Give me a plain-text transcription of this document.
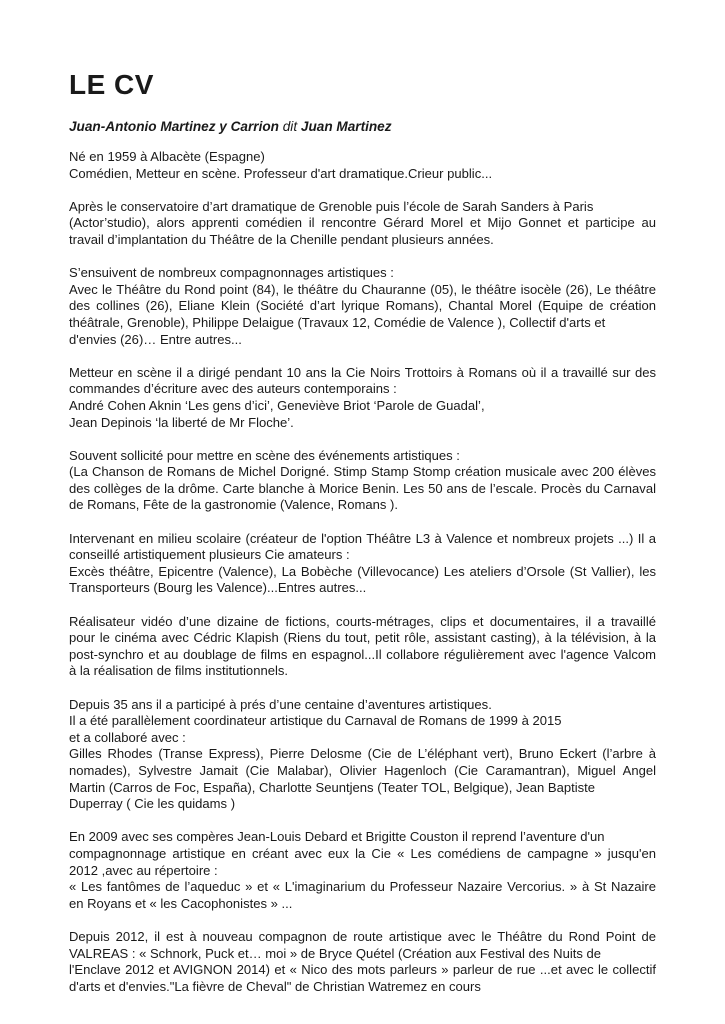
LE CV

Juan-Antonio Martinez y Carrion dit Juan Martinez

Né en 1959 à Albacète (Espagne)
Comédien, Metteur en scène. Professeur d'art dramatique.Crieur public...

Après le conservatoire d’art dramatique de Grenoble puis l’école de Sarah Sanders à Paris
(Actor’studio), alors apprenti comédien il rencontre Gérard Morel et Mijo Gonnet et participe au
travail d’implantation du Théâtre de la Chenille pendant plusieurs années.

S’ensuivent de nombreux compagnonnages artistiques :
Avec le Théâtre du Rond point (84), le théâtre du Chauranne (05), le théâtre isocèle (26), Le théâtre
des collines (26), Eliane Klein (Société d’art lyrique Romans), Chantal Morel (Equipe de création
théâtrale, Grenoble), Philippe Delaigue (Travaux 12, Comédie de Valence ), Collectif d'arts et
d'envies (26)… Entre autres...

Metteur en scène il a dirigé pendant 10 ans la Cie Noirs Trottoirs à Romans où il a travaillé sur des
commandes d’écriture avec des auteurs contemporains :
André Cohen Aknin ‘Les gens d’ici’, Geneviève Briot ‘Parole de Guadal’,
Jean Depinois ‘la liberté de Mr Floche’.

Souvent sollicité pour mettre en scène des événements artistiques :
(La Chanson de Romans de Michel Dorigné. Stimp Stamp Stomp création musicale avec 200 élèves
des collèges de la drôme. Carte blanche à Morice Benin. Les 50 ans de l’escale. Procès du Carnaval
de Romans, Fête de la gastronomie (Valence, Romans ).

Intervenant en milieu scolaire (créateur de l'option Théâtre L3 à Valence et nombreux projets ...) Il a
conseillé artistiquement plusieurs Cie amateurs :
Excès théâtre, Epicentre (Valence), La Bobèche (Villevocance) Les ateliers d’Orsole (St Vallier), les
Transporteurs (Bourg les Valence)...Entres autres...

Réalisateur vidéo d’une dizaine de fictions, courts-métrages, clips et documentaires, il a travaillé
pour le cinéma avec Cédric Klapish (Riens du tout, petit rôle, assistant casting), à la télévision, à la
post-synchro et au doublage de films en espagnol...Il collabore régulièrement avec l'agence Valcom
à la réalisation de films institutionnels.

Depuis 35 ans il a participé à prés d’une centaine d’aventures artistiques.
Il a été parallèlement coordinateur artistique du Carnaval de Romans de 1999 à 2015
et a collaboré avec :
Gilles Rhodes (Transe Express), Pierre Delosme (Cie de L’éléphant vert), Bruno Eckert (l’arbre à
nomades), Sylvestre Jamait (Cie Malabar), Olivier Hagenloch (Cie Caramantran), Miguel Angel
Martin (Carros de Foc, España), Charlotte Seuntjens (Teater TOL, Belgique), Jean Baptiste
Duperray ( Cie les quidams )

En 2009 avec ses compères Jean-Louis Debard et Brigitte Couston il reprend l’aventure d'un
compagnonnage artistique en créant avec eux la Cie « Les comédiens de campagne » jusqu'en
2012 ,avec au répertoire :
« Les fantômes de l’aqueduc » et « L'imaginarium du Professeur Nazaire Vercorius. » à St Nazaire
en Royans et « les Cacophonistes » ...

Depuis 2012, il est à nouveau compagnon de route artistique avec le Théâtre du Rond Point de
VALREAS : « Schnork, Puck et… moi » de Bryce Quétel (Création aux Festival des Nuits de
l'Enclave 2012 et AVIGNON 2014) et « Nico des mots parleurs » parleur de rue ...et avec le collectif
d'arts et d'envies."La fièvre de Cheval" de Christian Watremez en cours
